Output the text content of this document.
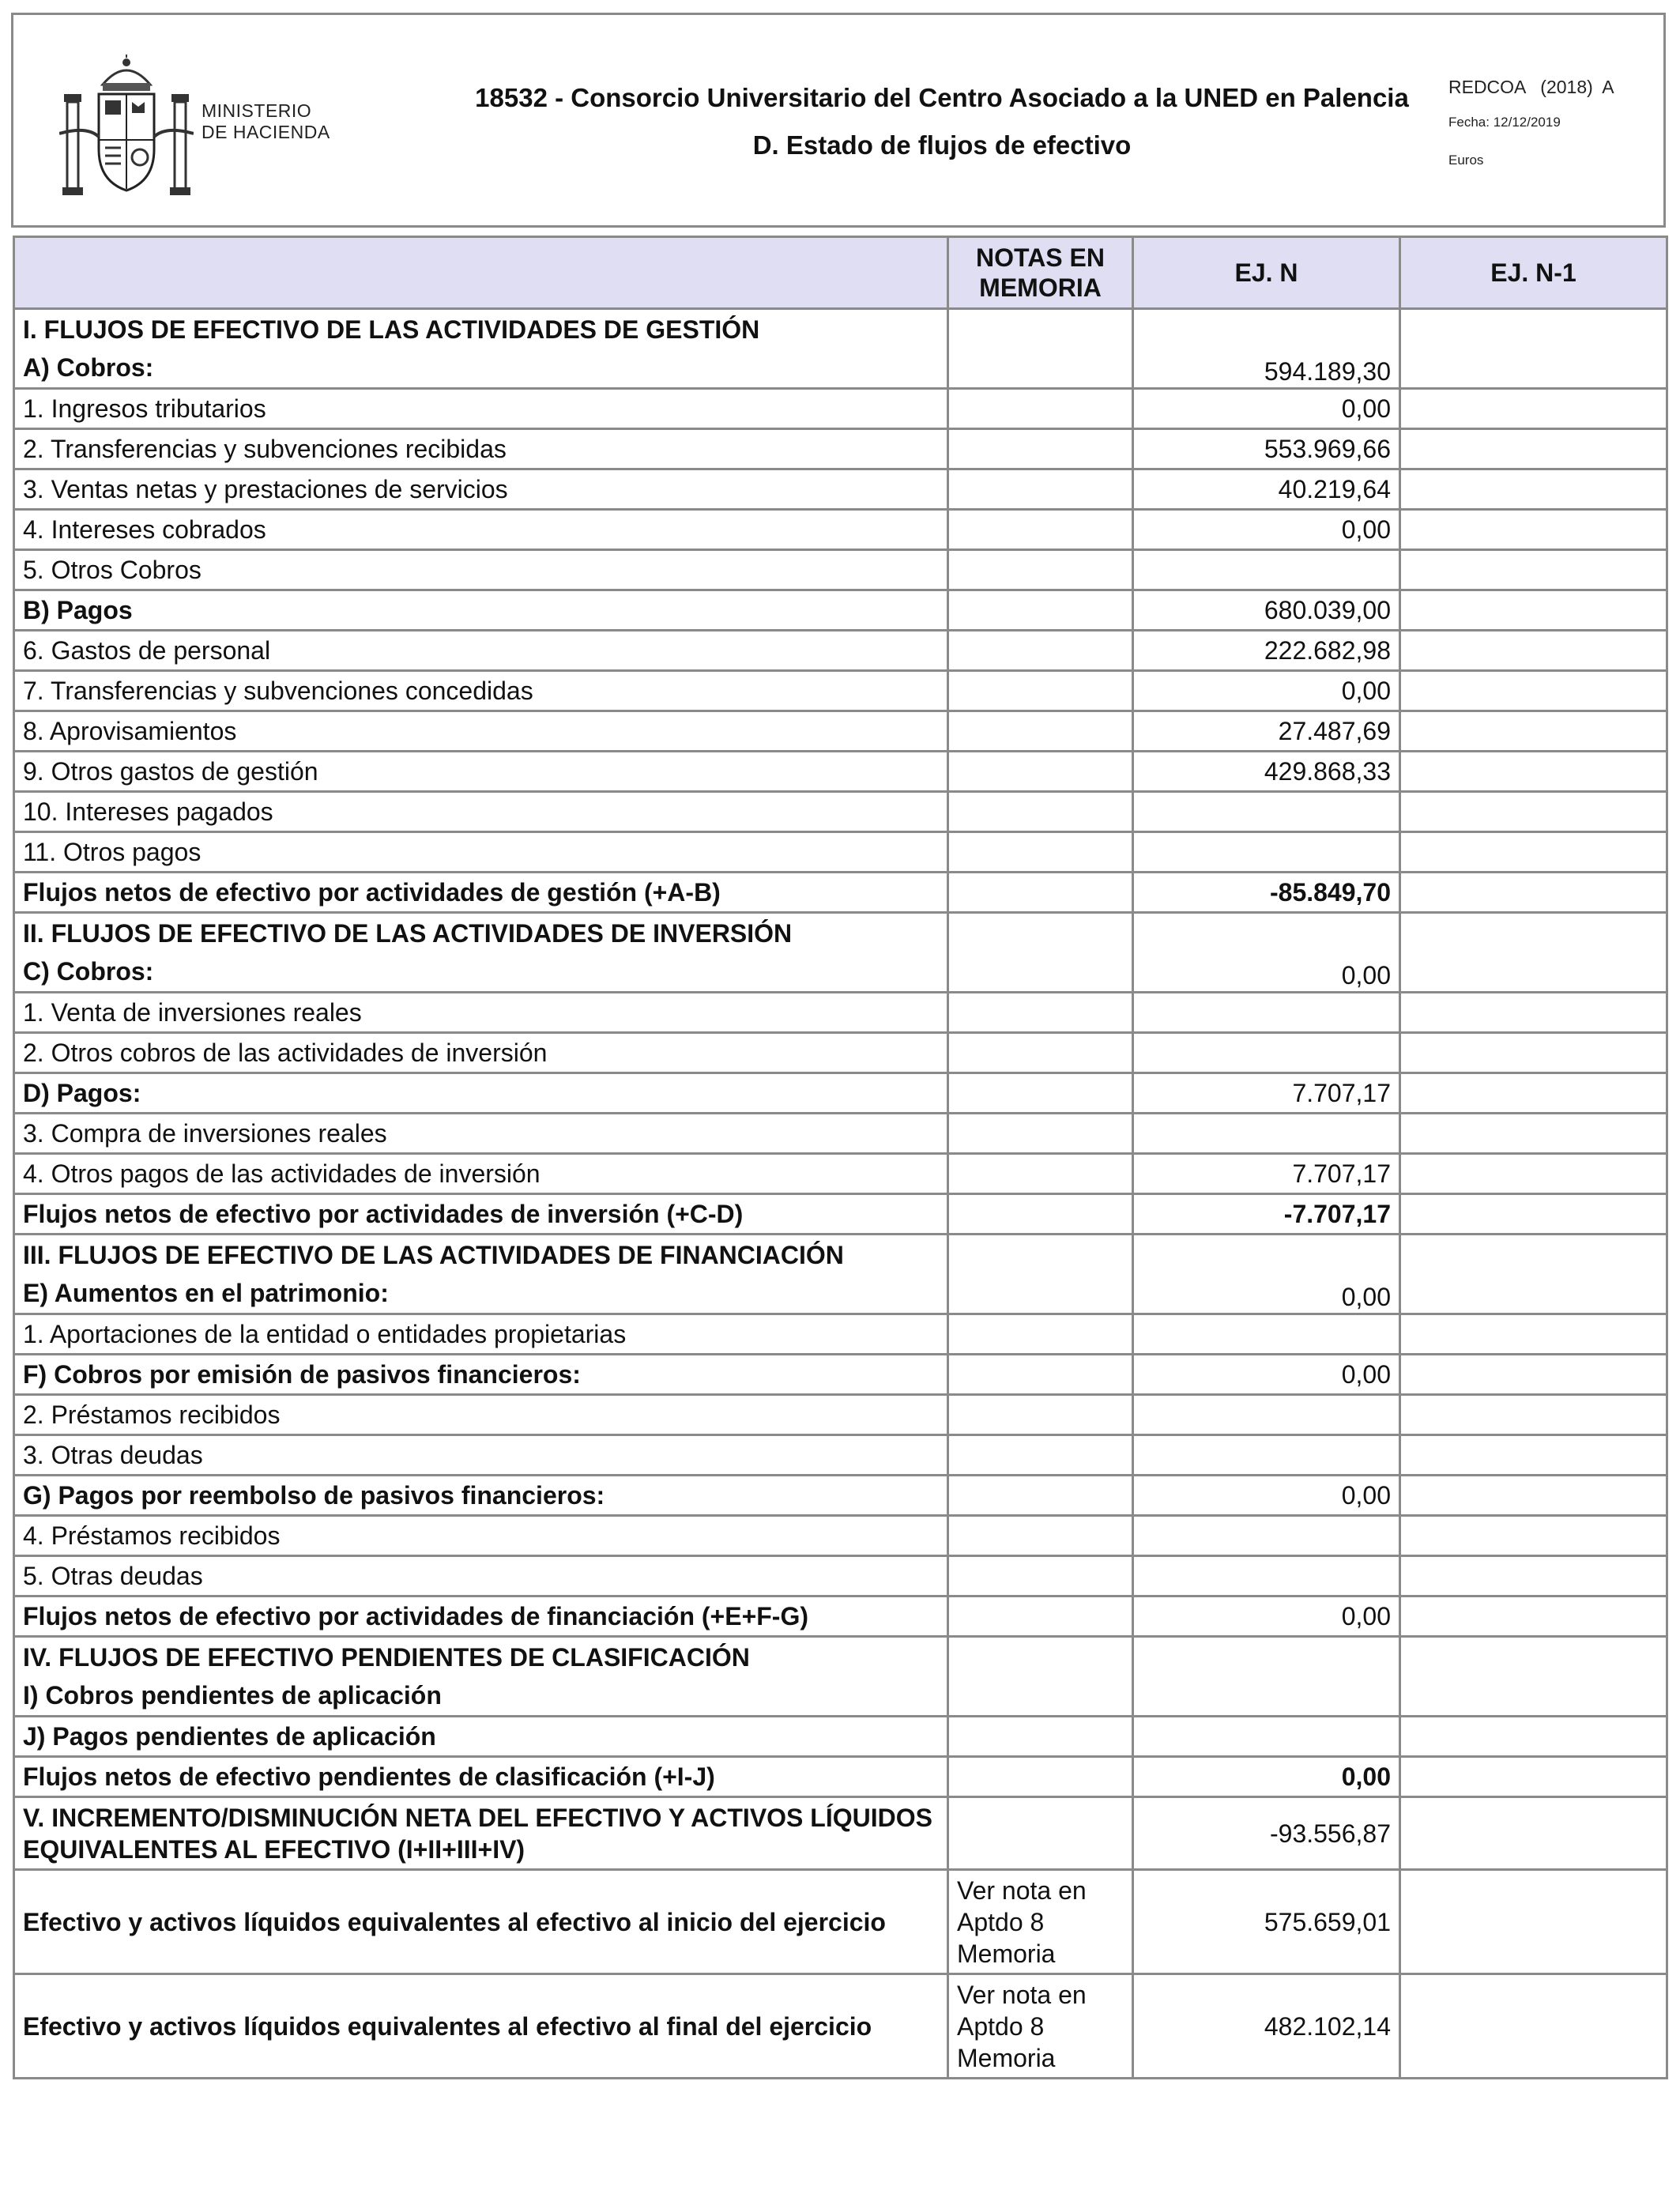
MINISTERIO
DE HACIENDA
18532 - Consorcio Universitario del Centro Asociado a la UNED en Palencia
D. Estado de flujos de efectivo
REDCOA   (2018)  A
Fecha: 12/12/2019
Euros
	NOTAS EN MEMORIA	EJ. N	EJ. N-1

I. FLUJOS DE EFECTIVO DE LAS ACTIVIDADES DE GESTIÓN
A) Cobros:		594.189,30	
1. Ingresos tributarios		0,00	
2. Transferencias y subvenciones recibidas		553.969,66	
3. Ventas netas y prestaciones de servicios		40.219,64	
4. Intereses cobrados		0,00	
5. Otros Cobros			
B) Pagos		680.039,00	
6. Gastos de personal		222.682,98	
7. Transferencias y subvenciones concedidas		0,00	
8. Aprovisamientos		27.487,69	
9. Otros gastos de gestión		429.868,33	
10. Intereses pagados			
11. Otros pagos			
Flujos netos de efectivo por actividades de gestión (+A-B)		-85.849,70	

II. FLUJOS DE EFECTIVO DE LAS ACTIVIDADES DE INVERSIÓN
C) Cobros:		0,00	
1. Venta de inversiones reales			
2. Otros cobros de las actividades de inversión			
D) Pagos:		7.707,17	
3. Compra de inversiones reales			
4. Otros pagos de las actividades de inversión		7.707,17	
Flujos netos de efectivo por actividades de inversión (+C-D)		-7.707,17	

III. FLUJOS DE EFECTIVO DE LAS ACTIVIDADES DE FINANCIACIÓN
E) Aumentos en el patrimonio:		0,00	
1. Aportaciones de la entidad o entidades propietarias			
F) Cobros por emisión de pasivos financieros:		0,00	
2. Préstamos recibidos			
3. Otras deudas			
G) Pagos por reembolso de pasivos financieros:		0,00	
4. Préstamos recibidos			
5. Otras deudas			
Flujos netos de efectivo por actividades de financiación (+E+F-G)		0,00	

IV. FLUJOS DE EFECTIVO PENDIENTES DE CLASIFICACIÓN
I) Cobros pendientes de aplicación			

J) Pagos pendientes de aplicación			
Flujos netos de efectivo pendientes de clasificación (+I-J)		0,00	
V. INCREMENTO/DISMINUCIÓN NETA DEL EFECTIVO Y ACTIVOS LÍQUIDOS EQUIVALENTES AL EFECTIVO (I+II+III+IV)		-93.556,87	
Efectivo y activos líquidos equivalentes al efectivo al inicio del ejercicio	Ver nota en Aptdo 8 Memoria	575.659,01	
Efectivo y activos líquidos equivalentes al efectivo al final del ejercicio	Ver nota en Aptdo 8 Memoria	482.102,14	
